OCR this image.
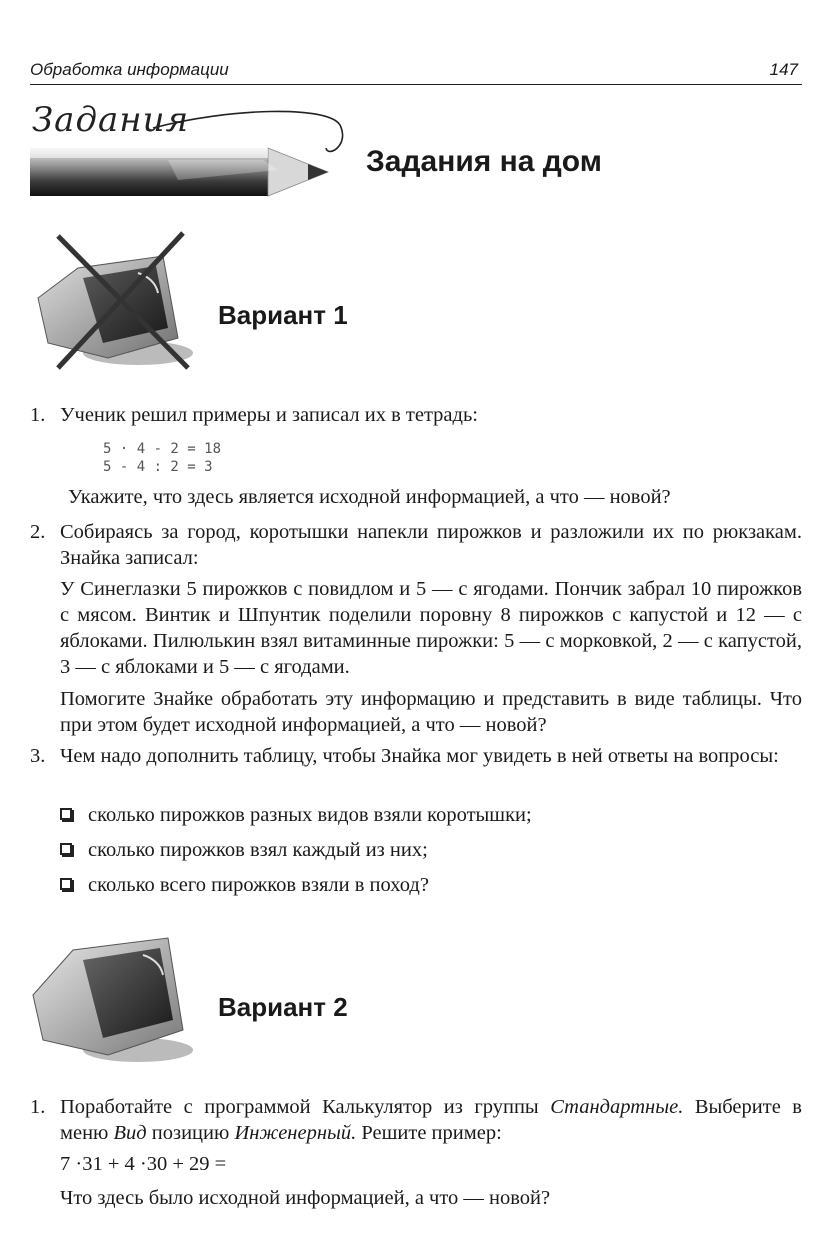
Обработка информации	147
Задания
Задания на дом
Вариант 1
1. Ученик решил примеры и записал их в тетрадь:
5 · 4 - 2 = 18
5 - 4 : 2 = 3
Укажите, что здесь является исходной информацией, а что — новой?
2. Собираясь за город, коротышки напекли пирожков и разложили их по рюкзакам. Знайка записал:
У Синеглазки 5 пирожков с повидлом и 5 — с ягодами. Пончик забрал 10 пирожков с мясом. Винтик и Шпунтик поделили поровну 8 пирожков с капустой и 12 — с яблоками. Пилюлькин взял витаминные пирожки: 5 — с морковкой, 2 — с капустой, 3 — с яблоками и 5 — с ягодами.
Помогите Знайке обработать эту информацию и представить в виде таблицы. Что при этом будет исходной информацией, а что — новой?
3. Чем надо дополнить таблицу, чтобы Знайка мог увидеть в ней ответы на вопросы:
сколько пирожков разных видов взяли коротышки;
сколько пирожков взял каждый из них;
сколько всего пирожков взяли в поход?
Вариант 2
1. Поработайте с программой Калькулятор из группы Стандартные. Выберите в меню Вид позицию Инженерный. Решите пример:
7 ·31 + 4 ·30 + 29 =
Что здесь было исходной информацией, а что — новой?
